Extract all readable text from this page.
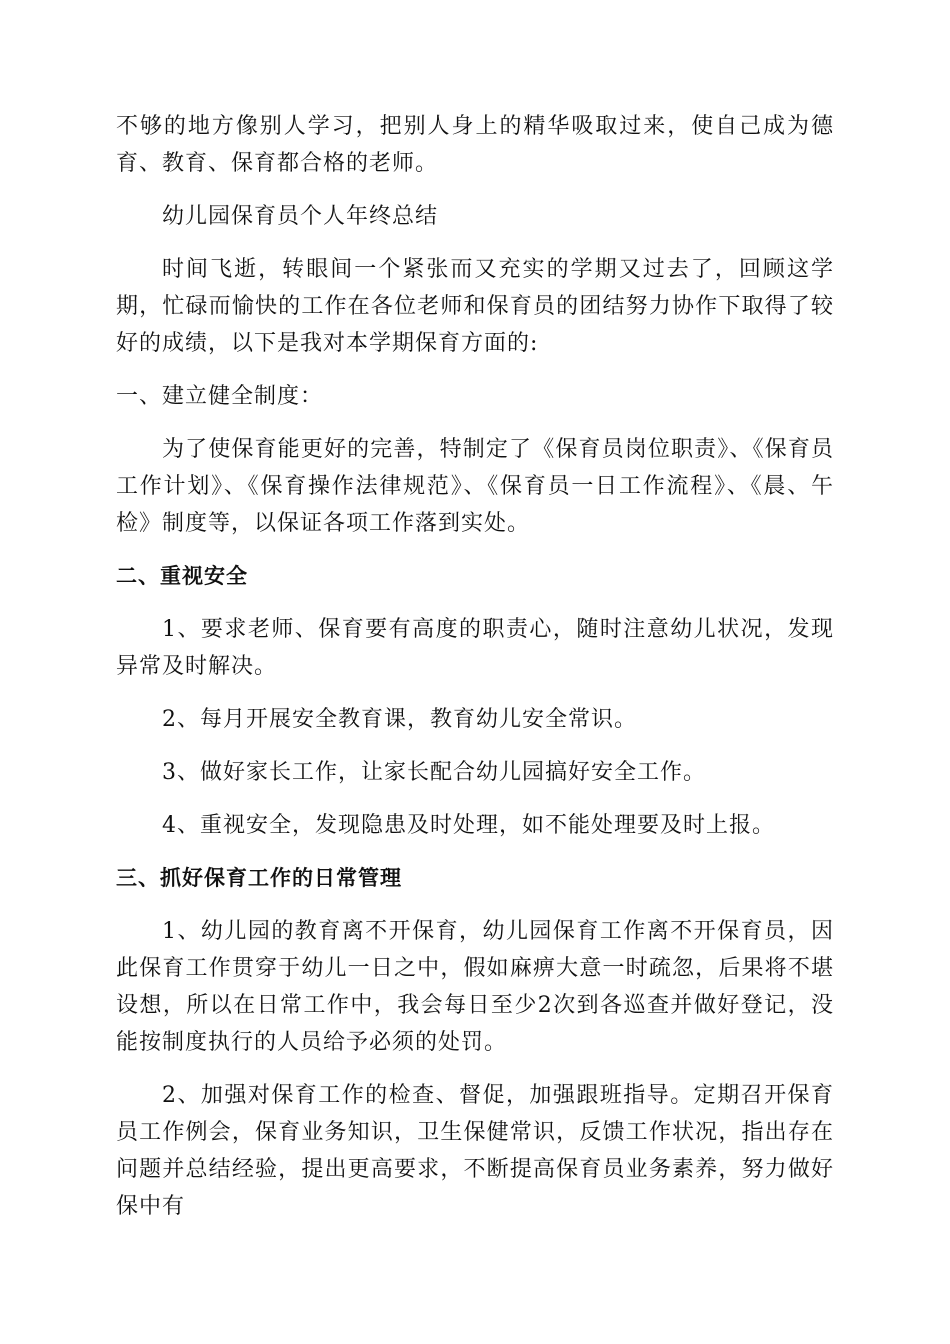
不够的地方像别人学习，把别人身上的精华吸取过来，使自己成为德育、教育、保育都合格的老师。

幼儿园保育员个人年终总结

时间飞逝，转眼间一个紧张而又充实的学期又过去了，回顾这学期，忙碌而愉快的工作在各位老师和保育员的团结努力协作下取得了较好的成绩，以下是我对本学期保育方面的:

一、建立健全制度：

为了使保育能更好的完善，特制定了《保育员岗位职责》、《保育员工作计划》、《保育操作法律规范》、《保育员一日工作流程》、《晨、午检》制度等，以保证各项工作落到实处。

二、重视安全

1、要求老师、保育要有高度的职责心，随时注意幼儿状况，发现异常及时解决。

2、每月开展安全教育课，教育幼儿安全常识。

3、做好家长工作，让家长配合幼儿园搞好安全工作。

4、重视安全，发现隐患及时处理，如不能处理要及时上报。

三、抓好保育工作的日常管理

1、幼儿园的教育离不开保育，幼儿园保育工作离不开保育员，因此保育工作贯穿于幼儿一日之中，假如麻痹大意一时疏忽，后果将不堪设想，所以在日常工作中，我会每日至少2次到各巡查并做好登记，没能按制度执行的人员给予必须的处罚。

2、加强对保育工作的检查、督促，加强跟班指导。定期召开保育员工作例会，保育业务知识，卫生保健常识，反馈工作状况，指出存在问题并总结经验，提出更高要求，不断提高保育员业务素养，努力做好保中有
